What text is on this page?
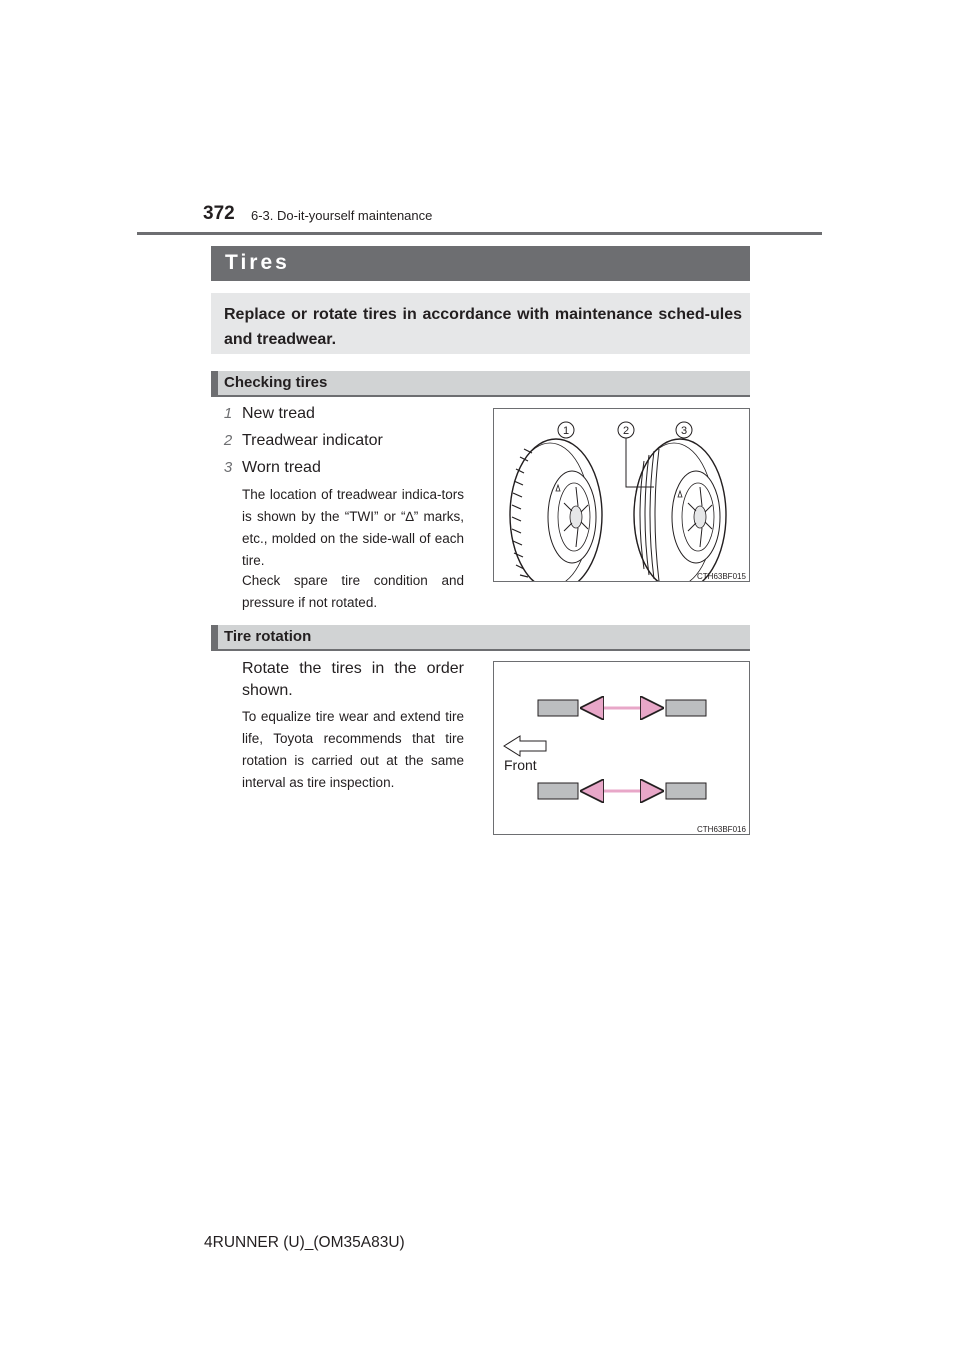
372 6-3. Do-it-yourself maintenance
Tires
Replace or rotate tires in accordance with maintenance sched-ules and treadwear.
Checking tires
1 New tread
2 Treadwear indicator
3 Worn tread
The location of treadwear indica-tors is shown by the “TWI” or “∆” marks, etc., molded on the side-wall of each tire.
Check spare tire condition and pressure if not rotated.
1	2	3
CTH63BF015
Tire rotation
Rotate the tires in the order shown.
To equalize tire wear and extend tire life, Toyota recommends that tire rotation is carried out at the same interval as tire inspection.
Front
CTH63BF016
4RUNNER (U)_(OM35A83U)
